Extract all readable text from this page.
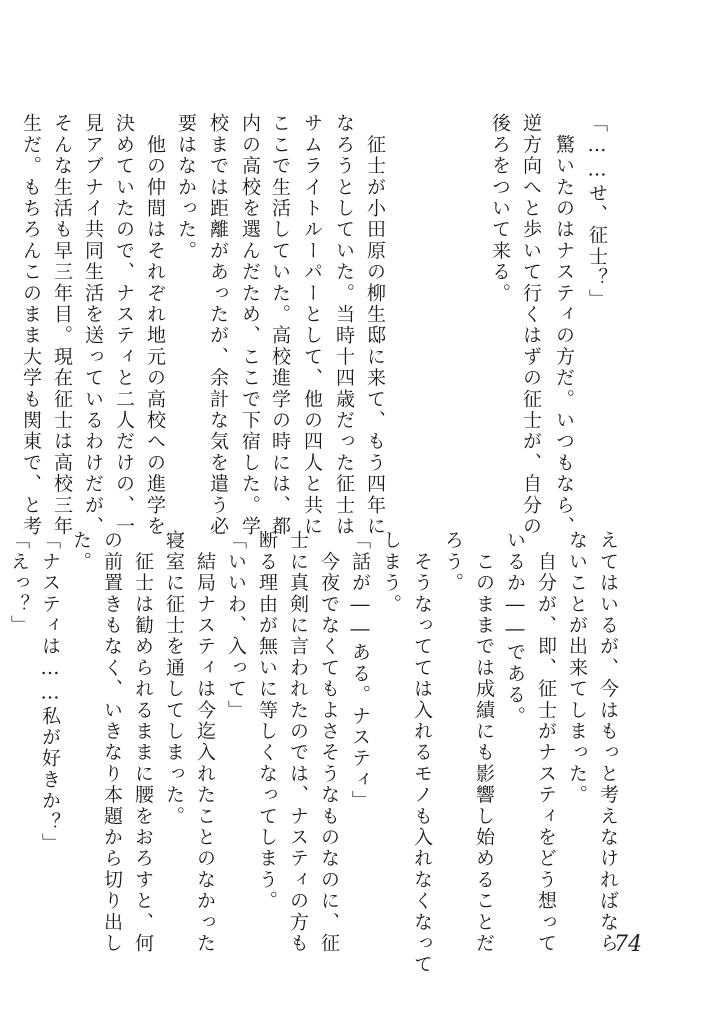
「……せ、征士？」
　驚いたのはナスティの方だ。いつもなら、
逆方向へと歩いて行くはずの征士が、自分の
後ろをついて来る。
　征士が小田原の柳生邸に来て、もう四年に
なろうとしていた。当時十四歳だった征士は
サムライトルーパーとして、他の四人と共に
ここで生活していた。高校進学の時には、都
内の高校を選んだため、ここで下宿した。学
校までは距離があったが、余計な気を遣う必
要はなかった。
　他の仲間はそれぞれ地元の高校への進学を
決めていたので、ナスティと二人だけの、一
見アブナイ共同生活を送っているわけだが、
そんな生活も早三年目。現在征士は高校三年
生だ。もちろんこのまま大学も関東で、と考
えてはいるが、今はもっと考えなければなら
ないことが出来てしまった。
　自分が、即、征士がナスティをどう想って
いるか――である。
　このままでは成績にも影響し始めることだ
ろう。
　そうなってては入れるモノも入れなくなって
しまう。
「話が――ある。ナスティ」
　今夜でなくてもよさそうなものなのに、征
士に真剣に言われたのでは、ナスティの方も
断る理由が無いに等しくなってしまう。
「いいわ、入って」
　結局ナスティは今迄入れたことのなかった
寝室に征士を通してしまった。
　征士は勧められるままに腰をおろすと、何
の前置きもなく、いきなり本題から切り出し
た。
「ナスティは……私が好きか？」
「えっ？」
74
